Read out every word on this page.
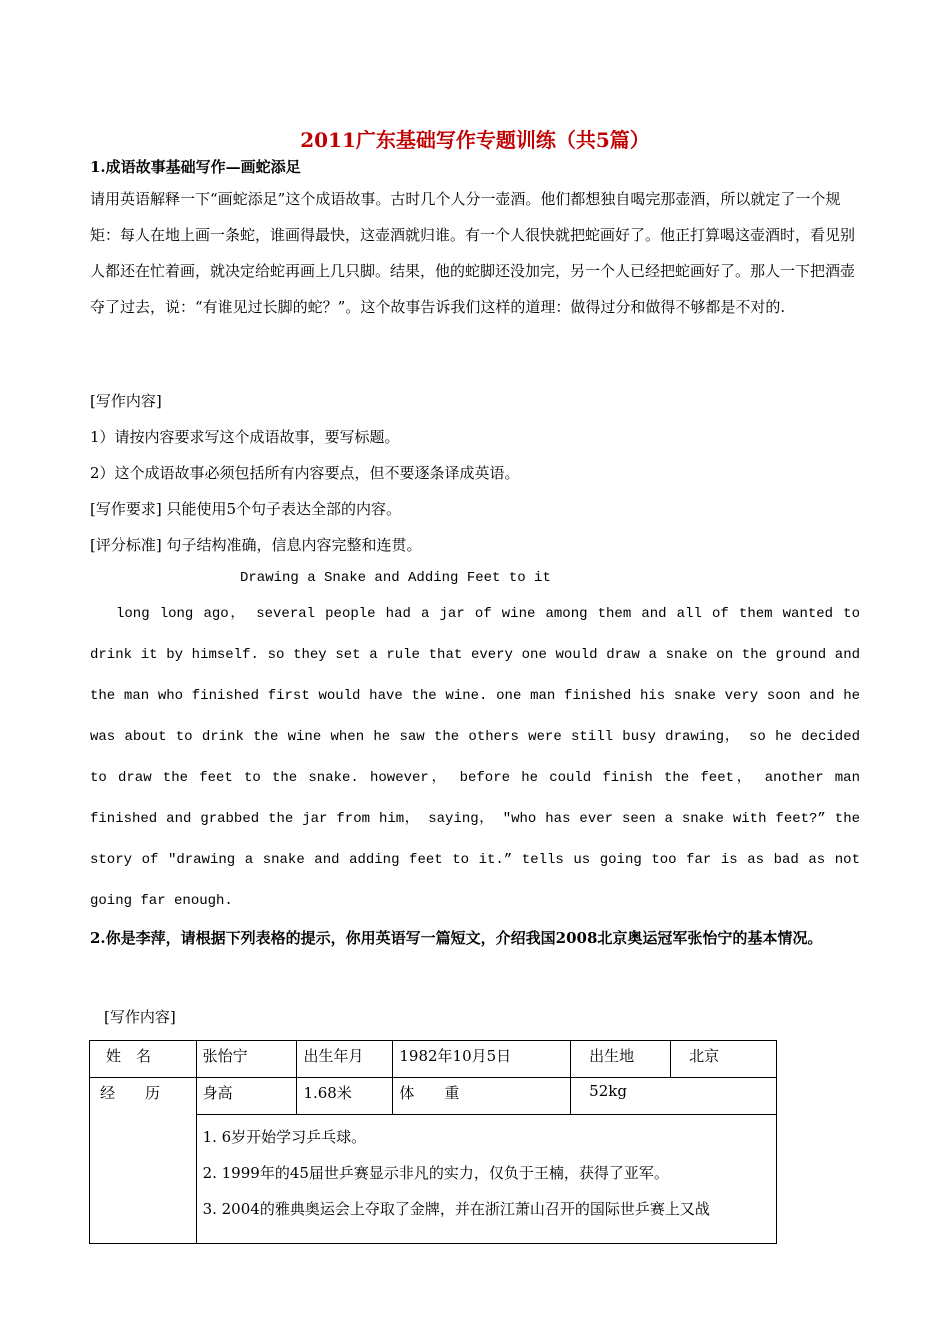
2011广东基础写作专题训练（共5篇）
1.成语故事基础写作—画蛇添足
请用英语解释一下“画蛇添足”这个成语故事。古时几个人分一壶酒。他们都想独自喝完那壶酒，所以就定了一个规矩：每人在地上画一条蛇，谁画得最快，这壶酒就归谁。有一个人很快就把蛇画好了。他正打算喝这壶酒时，看见别人都还在忙着画，就决定给蛇再画上几只脚。结果，他的蛇脚还没加完，另一个人已经把蛇画好了。那人一下把酒壶夺了过去，说：“有谁见过长脚的蛇？”。这个故事告诉我们这样的道理：做得过分和做得不够都是不对的.
[写作内容]
1）请按内容要求写这个成语故事，要写标题。
2）这个成语故事必须包括所有内容要点，但不要逐条译成英语。
[写作要求] 只能使用5个句子表达全部的内容。
[评分标准] 句子结构准确，信息内容完整和连贯。
Drawing a Snake and Adding Feet to it
long long ago， several people had a jar of wine among them and all of them wanted to drink it by himself. so they set a rule that every one would draw a snake on the ground and the man who finished first would have the wine. one man finished his snake very soon and he was about to drink the wine when he saw the others were still busy drawing， so he decided to draw the feet to the snake. however， before he could finish the feet， another man finished and grabbed the jar from him， saying， "who has ever seen a snake with feet?” the story of "drawing a snake and adding feet to it.” tells us going too far is as bad as not going far enough.
2.你是李萍，请根据下列表格的提示，你用英语写一篇短文，介绍我国2008北京奥运冠军张怡宁的基本情况。
[写作内容]
姓　名	张怡宁	出生年月	1982年10月5日	出生地	北京
经　　历	身高	1.68米	体　　重	52kg	

	1. 6岁开始学习乒乓球。
2. 1999年的45届世乒赛显示非凡的实力，仅负于王楠，获得了亚军。
3. 2004的雅典奥运会上夺取了金牌，并在浙江萧山召开的国际世乒赛上又战				
